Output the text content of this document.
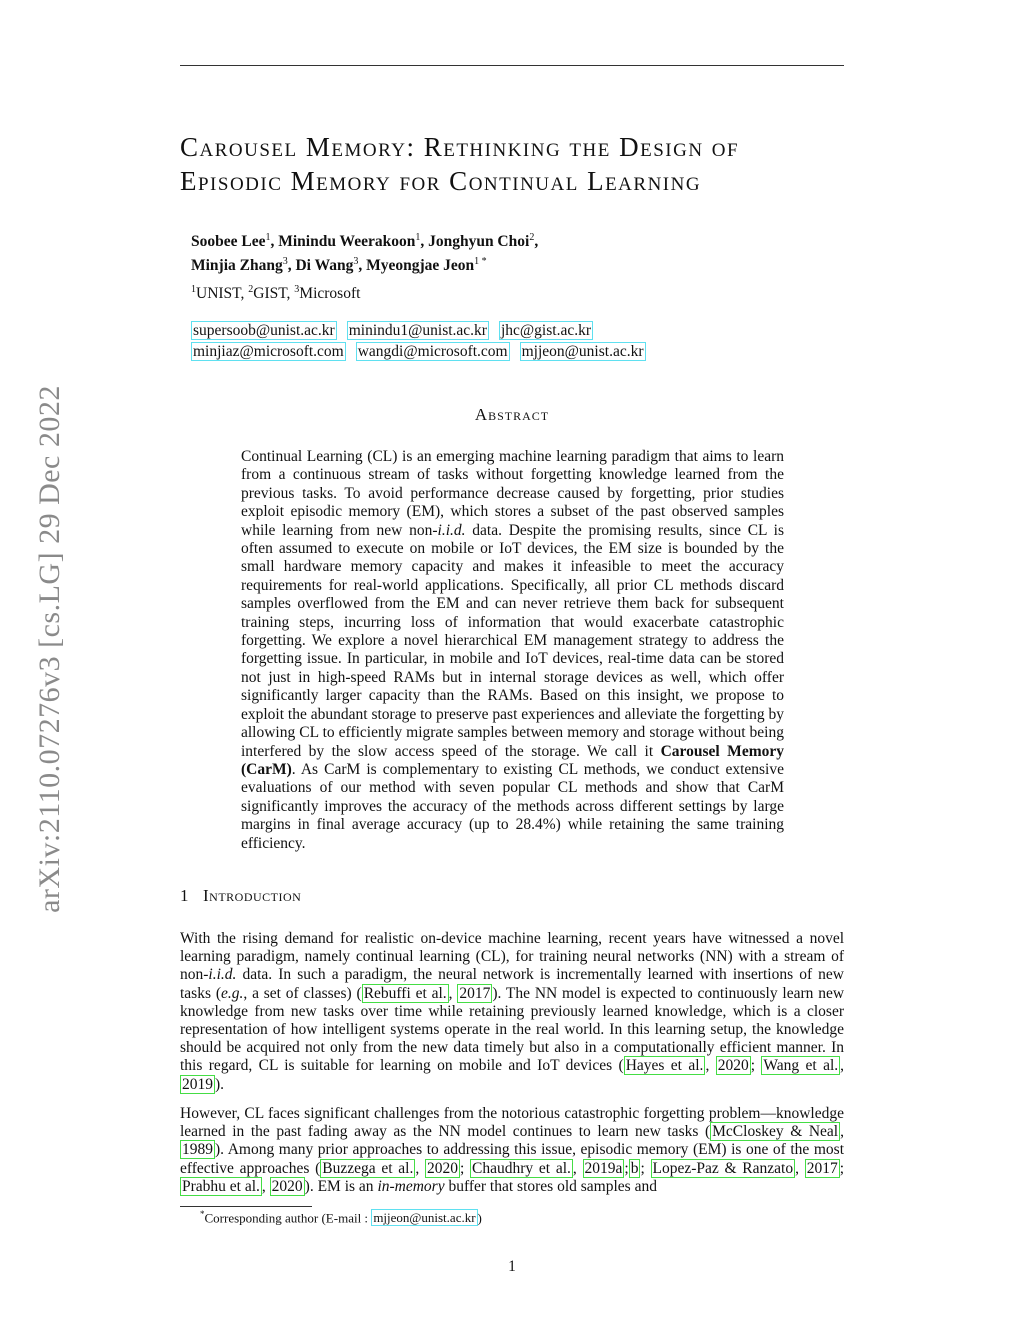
arXiv:2110.07276v3 [cs.LG] 29 Dec 2022
Carousel Memory: Rethinking the Design of
Episodic Memory for Continual Learning
Soobee Lee$^1$, Minindu Weerakoon$^1$, Jonghyun Choi$^2$,
Minjia Zhang$^3$, Di Wang$^3$, Myeongjae Jeon$^{1 *}$
$^1$UNIST, $^2$GIST, $^3$Microsoft
supersoob@unist.ac.kr minindu1@unist.ac.kr jhc@gist.ac.kr
minjiaz@microsoft.com wangdi@microsoft.com mjjeon@unist.ac.kr
Abstract

Continual Learning (CL) is an emerging machine learning paradigm that aims to learn from a continuous stream of tasks without forgetting knowledge learned from the previous tasks. To avoid performance decrease caused by forgetting, prior studies exploit episodic memory (EM), which stores a subset of the past observed samples while learning from new non-i.i.d. data. Despite the promising results, since CL is often assumed to execute on mobile or IoT devices, the EM size is bounded by the small hardware memory capacity and makes it infeasible to meet the accuracy requirements for real-world applications. Specifically, all prior CL methods discard samples overflowed from the EM and can never retrieve them back for subsequent training steps, incurring loss of information that would exacerbate catastrophic forgetting. We explore a novel hierarchical EM management strategy to address the forgetting issue. In particular, in mobile and IoT devices, real-time data can be stored not just in high-speed RAMs but in internal storage devices as well, which offer significantly larger capacity than the RAMs. Based on this insight, we propose to exploit the abundant storage to preserve past experiences and alleviate the forgetting by allowing CL to efficiently migrate samples between memory and storage without being interfered by the slow access speed of the storage. We call it Carousel Memory (CarM). As CarM is complementary to existing CL methods, we conduct extensive evaluations of our method with seven popular CL methods and show that CarM significantly improves the accuracy of the methods across different settings by large margins in final average accuracy (up to 28.4%) while retaining the same training efficiency.

1 Introduction

With the rising demand for realistic on-device machine learning, recent years have witnessed a novel learning paradigm, namely continual learning (CL), for training neural networks (NN) with a stream of non-i.i.d. data. In such a paradigm, the neural network is incrementally learned with insertions of new tasks (e.g., a set of classes) ( Rebuffi et al. , 2017 ). The NN model is expected to continuously learn new knowledge from new tasks over time while retaining previously learned knowledge, which is a closer representation of how intelligent systems operate in the real world. In this learning setup, the knowledge should be acquired not only from the new data timely but also in a computationally efficient manner. In this regard, CL is suitable for learning on mobile and IoT devices ( Hayes et al. , 2020 ; Wang et al. , 2019 ).

However, CL faces significant challenges from the notorious catastrophic forgetting problem—knowledge learned in the past fading away as the NN model continues to learn new tasks ( McCloskey & Neal , 1989 ). Among many prior approaches to addressing this issue, episodic memory (EM) is one of the most effective approaches ( Buzzega et al. , 2020 ; Chaudhry et al. , 2019a ; b ; Lopez-Paz & Ranzato , 2017 ; Prabhu et al. , 2020 ). EM is an in-memory buffer that stores old samples and

*Corresponding author (E-mail : mjjeon@unist.ac.kr )
1
